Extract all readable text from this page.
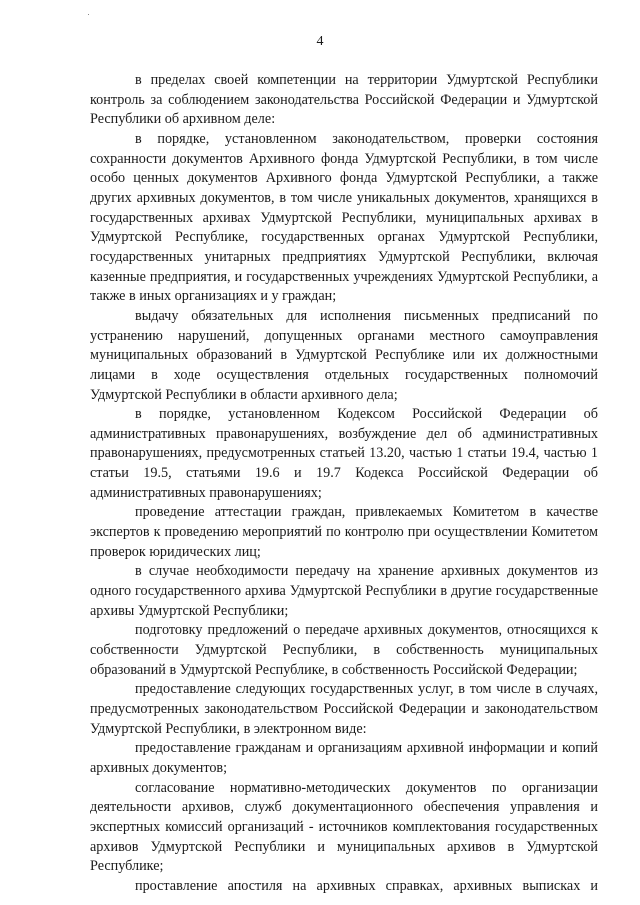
4

в пределах своей компетенции на территории Удмуртской Республики контроль за соблюдением законодательства Российской Федерации и Удмуртской Республики об архивном деле:

в порядке, установленном законодательством, проверки состояния сохранности документов Архивного фонда Удмуртской Республики, в том числе особо ценных документов Архивного фонда Удмуртской Республики, а также других архивных документов, в том числе уникальных документов, хранящихся в государственных архивах Удмуртской Республики, муниципальных архивах в Удмуртской Республике, государственных органах Удмуртской Республики, государственных унитарных предприятиях Удмуртской Республики, включая казенные предприятия, и государственных учреждениях Удмуртской Республики, а также в иных организациях и у граждан;

выдачу обязательных для исполнения письменных предписаний по устранению нарушений, допущенных органами местного самоуправления муниципальных образований в Удмуртской Республике или их должностными лицами в ходе осуществления отдельных государственных полномочий Удмуртской Республики в области архивного дела;

в порядке, установленном Кодексом Российской Федерации об административных правонарушениях, возбуждение дел об административных правонарушениях, предусмотренных статьей 13.20, частью 1 статьи 19.4, частью 1 статьи 19.5, статьями 19.6 и 19.7 Кодекса Российской Федерации об административных правонарушениях;

проведение аттестации граждан, привлекаемых Комитетом в качестве экспертов к проведению мероприятий по контролю при осуществлении Комитетом проверок юридических лиц;

в случае необходимости передачу на хранение архивных документов из одного государственного архива Удмуртской Республики в другие государственные архивы Удмуртской Республики;

подготовку предложений о передаче архивных документов, относящихся к собственности Удмуртской Республики, в собственность муниципальных образований в Удмуртской Республике, в собственность Российской Федерации;

предоставление следующих государственных услуг, в том числе в случаях, предусмотренных законодательством Российской Федерации и законодательством Удмуртской Республики, в электронном виде:

предоставление гражданам и организациям архивной информации и копий архивных документов;

согласование нормативно-методических документов по организации деятельности архивов, служб документационного обеспечения управления и экспертных комиссий организаций - источников комплектования государственных архивов Удмуртской Республики и муниципальных архивов в Удмуртской Республике;

проставление апостиля на архивных справках, архивных выписках и
